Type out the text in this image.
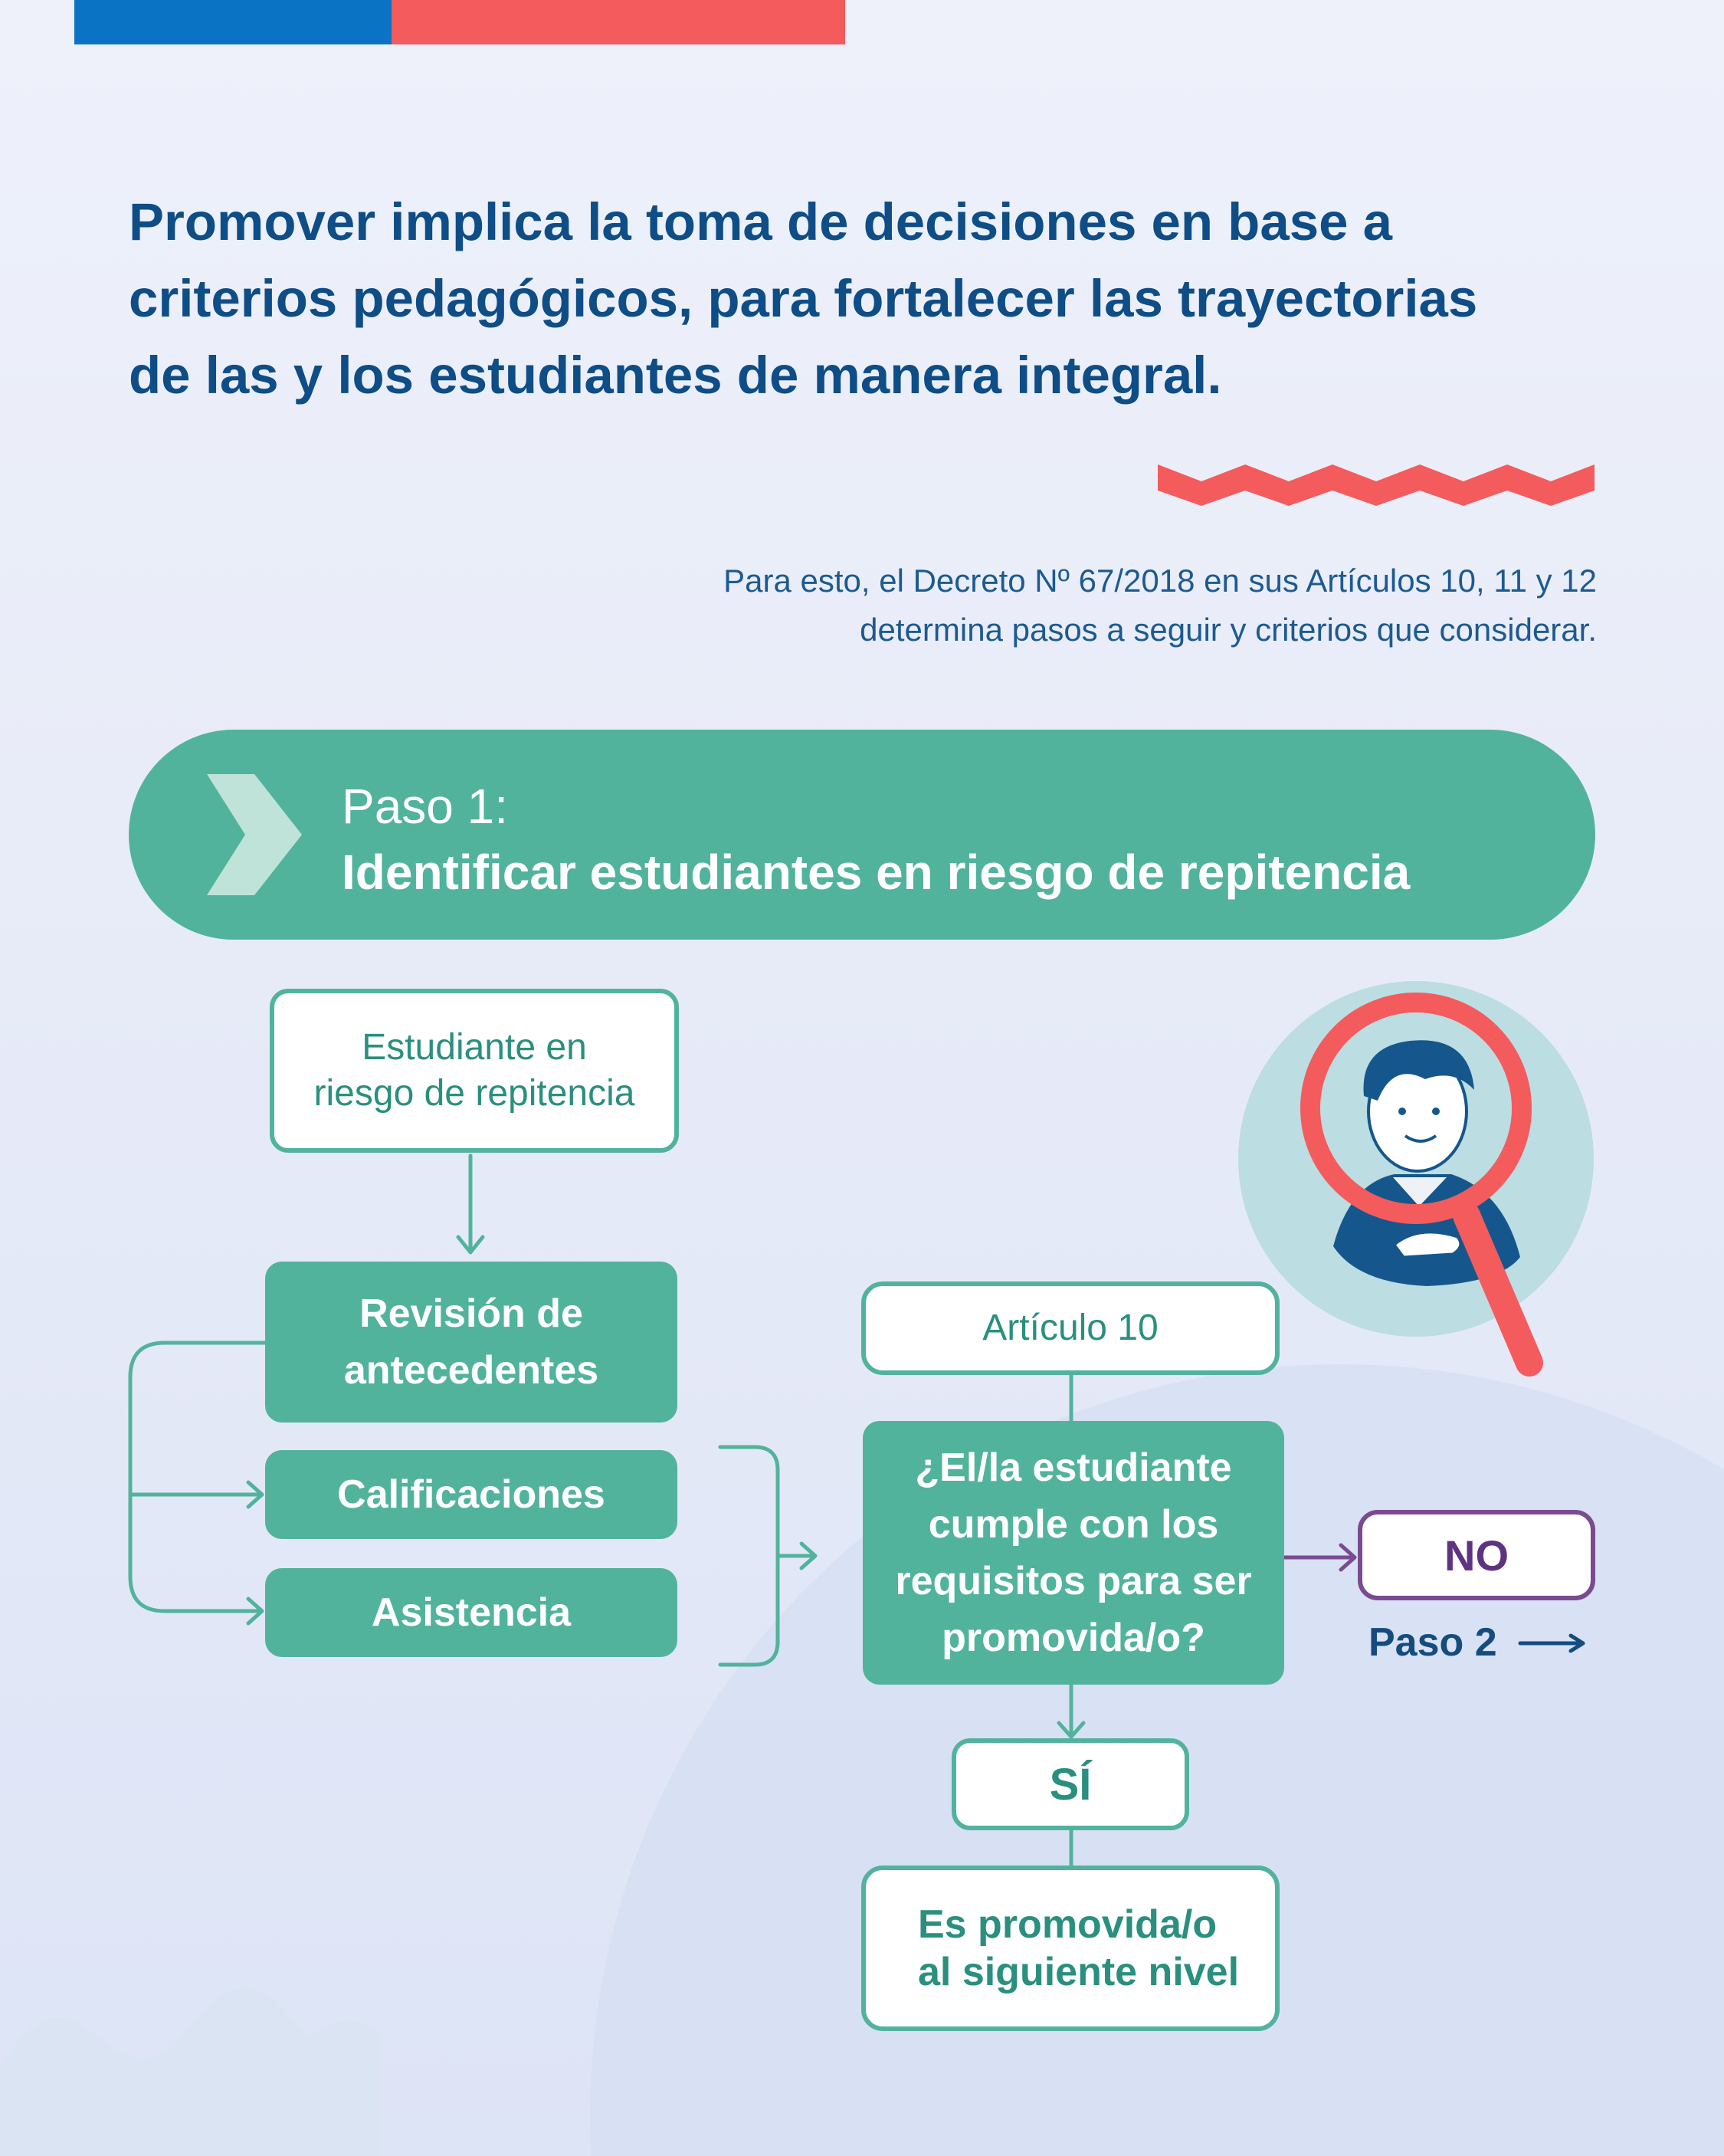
Promover implica la toma de decisiones en base a
criterios pedagógicos, para fortalecer las trayectorias
de las y los estudiantes de manera integral.
Para esto, el Decreto Nº 67/2018 en sus Artículos 10, 11 y 12
determina pasos a seguir y criterios que considerar.
Paso 1:
Identificar estudiantes en riesgo de repitencia
Estudiante en
riesgo de repitencia
Revisión de
antecedentes
Calificaciones
Asistencia
Artículo 10
¿El/la estudiante
cumple con los
requisitos para ser
promovida/o?
NO
Paso 2
SÍ
Es promovida/o
al siguiente nivel
